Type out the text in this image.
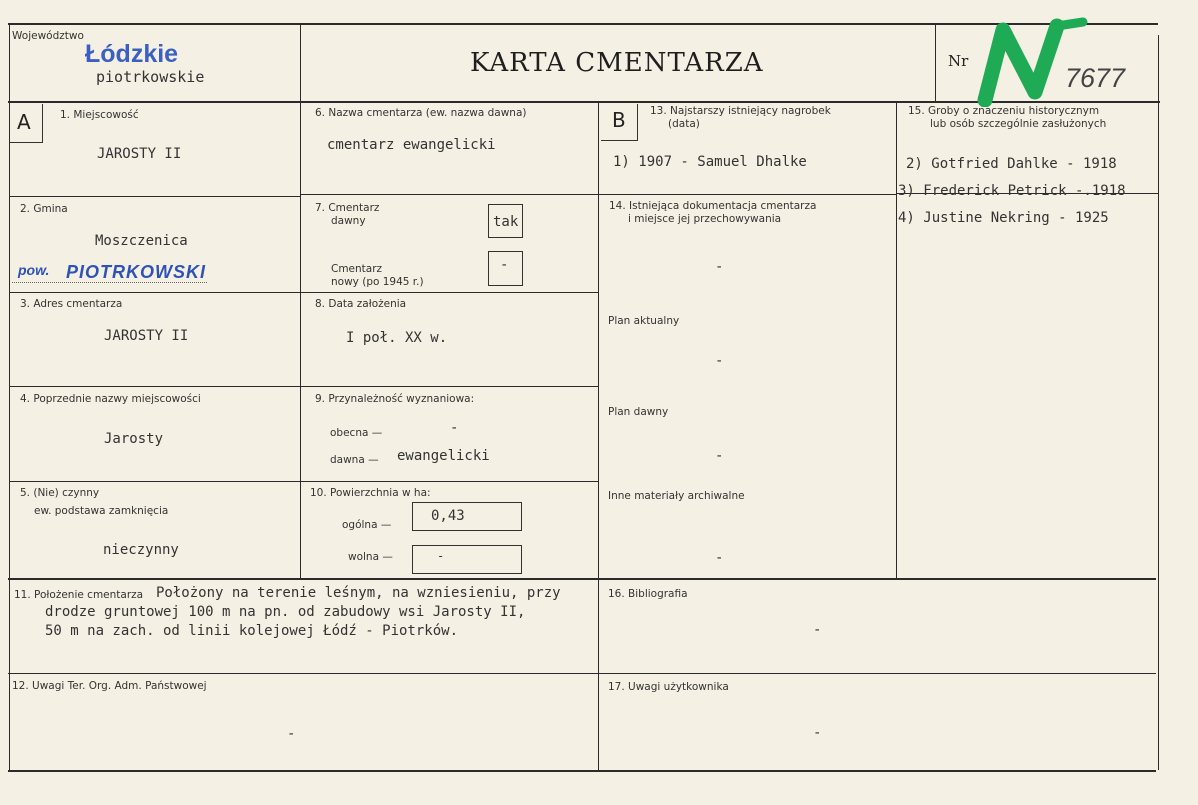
Województwo
Łódzkie
piotrkowskie	KARTA CMENTARZA	Nr
7677
A	1. Miejscowość
JAROSTY II
2. Gmina
Moszczenica
pow. PIOTRKOWSKI
3. Adres cmentarza
JAROSTY II
4. Poprzednie nazwy miejscowości
Jarosty
5. (Nie) czynny
ew. podstawa zamknięcia
nieczynny
6. Nazwa cmentarza (ew. nazwa dawna)
cmentarz ewangelicki
7. Cmentarz
dawny	tak
Cmentarz
nowy (po 1945 r.)
-
8. Data założenia
I poł. XX w.
9. Przynależność wyznaniowa:
obecna —	-
dawna — ewangelicki
10. Powierzchnia w ha:
ogólna —
0,43
wolna —	-
B 13. Najstarszy istniejący nagrobek
(data)
1) 1907 - Samuel Dhalke
14. Istniejąca dokumentacja cmentarza
i miejsce jej przechowywania
-
Plan aktualny
-
Plan dawny
-
Inne materiały archiwalne
-
15. Groby o znaczeniu historycznym
lub osób szczególnie zasłużonych
2) Gotfried Dahlke - 1918
3) Frederick Petrick -.1918
4) Justine Nekring - 1925
11. Położenie cmentarza Położony na terenie leśnym, na wzniesieniu, przy
drodze gruntowej 100 m na pn. od zabudowy wsi Jarosty II,
50 m na zach. od linii kolejowej Łódź - Piotrków.
16. Bibliografia
-
12. Uwagi Ter. Org. Adm. Państwowej
-
17. Uwagi użytkownika
-
